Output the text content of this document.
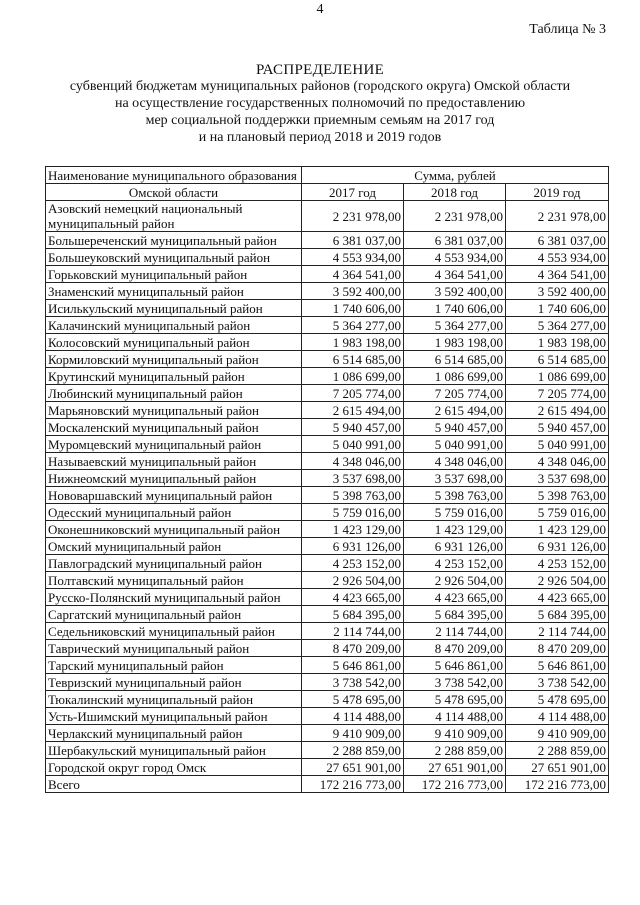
4
Таблица № 3
РАСПРЕДЕЛЕНИЕ
субвенций бюджетам муниципальных районов (городского округа) Омской области
на осуществление государственных полномочий по предоставлению
мер социальной поддержки приемным семьям на 2017 год
и на плановый период 2018 и 2019 годов
Наименование муниципального образования	Сумма, рублей		
Омской области	2017 год	2018 год	2019 год
Азовский немецкий национальный муниципальный район	2 231 978,00	2 231 978,00	2 231 978,00
Большереченский муниципальный район	6 381 037,00	6 381 037,00	6 381 037,00
Большеуковский муниципальный район	4 553 934,00	4 553 934,00	4 553 934,00
Горьковский муниципальный район	4 364 541,00	4 364 541,00	4 364 541,00
Знаменский муниципальный район	3 592 400,00	3 592 400,00	3 592 400,00
Исилькульский муниципальный район	1 740 606,00	1 740 606,00	1 740 606,00
Калачинский муниципальный район	5 364 277,00	5 364 277,00	5 364 277,00
Колосовский муниципальный район	1 983 198,00	1 983 198,00	1 983 198,00
Кормиловский муниципальный район	6 514 685,00	6 514 685,00	6 514 685,00
Крутинский муниципальный район	1 086 699,00	1 086 699,00	1 086 699,00
Любинский муниципальный район	7 205 774,00	7 205 774,00	7 205 774,00
Марьяновский муниципальный район	2 615 494,00	2 615 494,00	2 615 494,00
Москаленский муниципальный район	5 940 457,00	5 940 457,00	5 940 457,00
Муромцевский муниципальный район	5 040 991,00	5 040 991,00	5 040 991,00
Называевский муниципальный район	4 348 046,00	4 348 046,00	4 348 046,00
Нижнеомский муниципальный район	3 537 698,00	3 537 698,00	3 537 698,00
Нововаршавский муниципальный район	5 398 763,00	5 398 763,00	5 398 763,00
Одесский муниципальный район	5 759 016,00	5 759 016,00	5 759 016,00
Оконешниковский муниципальный район	1 423 129,00	1 423 129,00	1 423 129,00
Омский муниципальный район	6 931 126,00	6 931 126,00	6 931 126,00
Павлоградский муниципальный район	4 253 152,00	4 253 152,00	4 253 152,00
Полтавский муниципальный район	2 926 504,00	2 926 504,00	2 926 504,00
Русско-Полянский муниципальный район	4 423 665,00	4 423 665,00	4 423 665,00
Саргатский муниципальный район	5 684 395,00	5 684 395,00	5 684 395,00
Седельниковский муниципальный район	2 114 744,00	2 114 744,00	2 114 744,00
Таврический муниципальный район	8 470 209,00	8 470 209,00	8 470 209,00
Тарский муниципальный район	5 646 861,00	5 646 861,00	5 646 861,00
Тевризский муниципальный район	3 738 542,00	3 738 542,00	3 738 542,00
Тюкалинский муниципальный район	5 478 695,00	5 478 695,00	5 478 695,00
Усть-Ишимский муниципальный район	4 114 488,00	4 114 488,00	4 114 488,00
Черлакский муниципальный район	9 410 909,00	9 410 909,00	9 410 909,00
Шербакульский муниципальный район	2 288 859,00	2 288 859,00	2 288 859,00
Городской округ город Омск	27 651 901,00	27 651 901,00	27 651 901,00
Всего	172 216 773,00	172 216 773,00	172 216 773,00
